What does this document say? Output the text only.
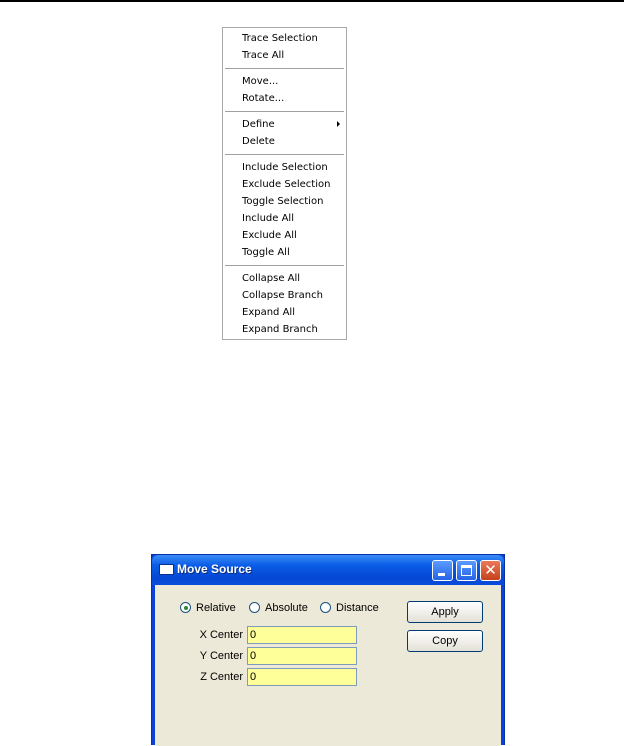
Trace Selection
Trace All
Move...
Rotate...
Define
Delete
Include Selection
Exclude Selection
Toggle Selection
Include All
Exclude All
Toggle All
Collapse All
Collapse Branch
Expand All
Expand Branch
Move Source	✕
Relative	Absolute	Distance
X Center
0
Y Center
0
Z Center
0
Apply
Copy
